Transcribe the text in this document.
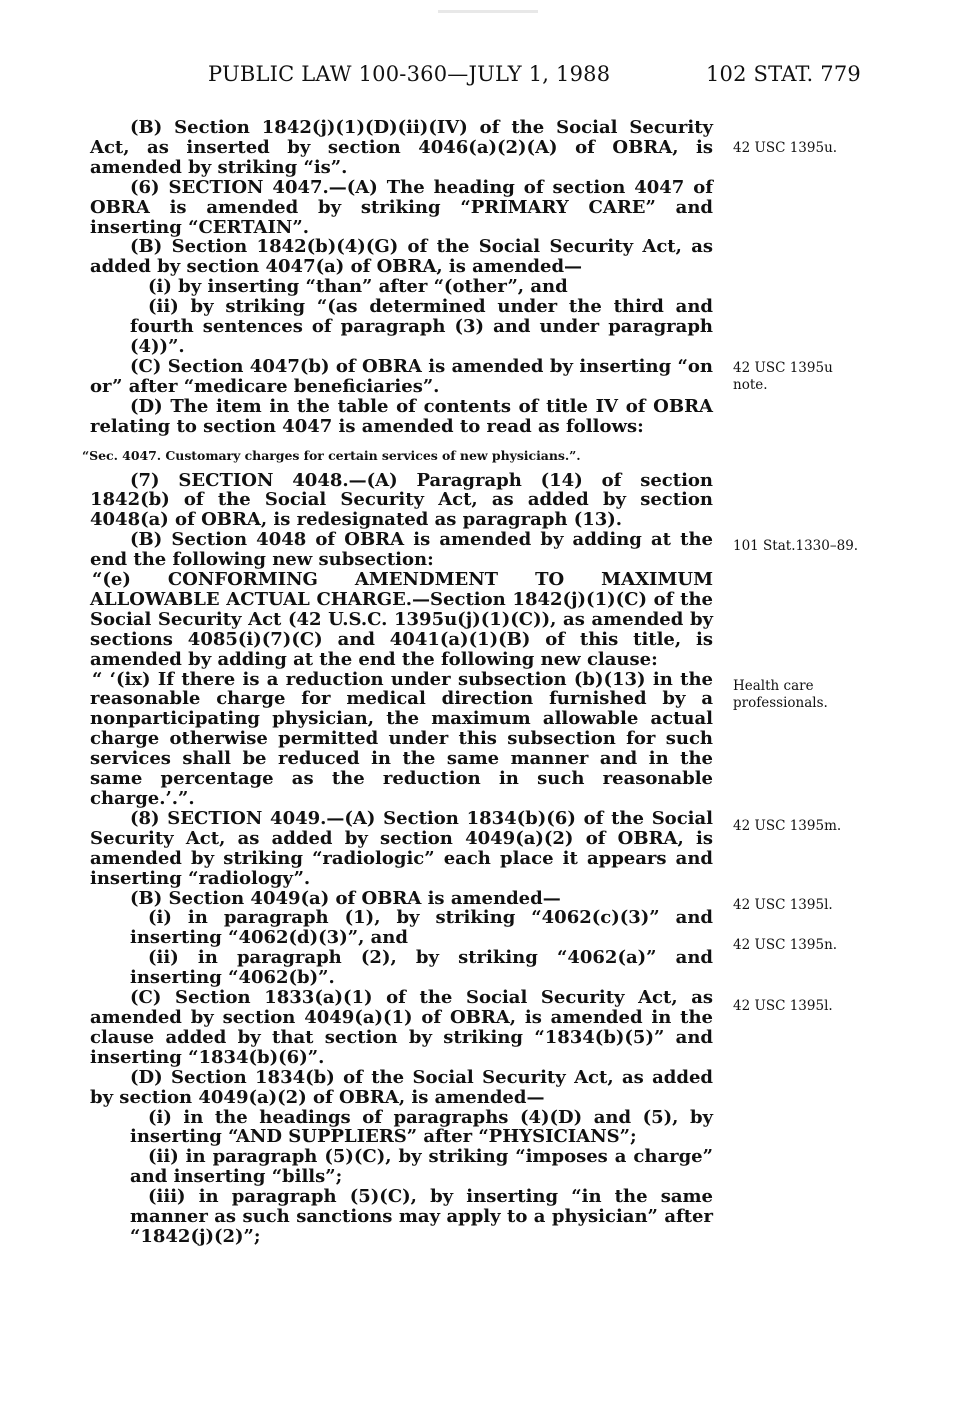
PUBLIC LAW 100-360—JULY 1, 1988	102 STAT. 779

(B) Section 1842(j)(1)(D)(ii)(IV) of the Social Security Act, as inserted by section 4046(a)(2)(A) of OBRA, is amended by striking “is”.

(6) SECTION 4047.—(A) The heading of section 4047 of OBRA is amended by striking “PRIMARY CARE” and inserting “CERTAIN”.

(B) Section 1842(b)(4)(G) of the Social Security Act, as added by section 4047(a) of OBRA, is amended—

(i) by inserting “than” after “(other”, and

(ii) by striking “(as determined under the third and fourth sentences of paragraph (3) and under paragraph (4))”.

(C) Section 4047(b) of OBRA is amended by inserting “on or” after “medicare beneficiaries”.

(D) The item in the table of contents of title IV of OBRA relating to section 4047 is amended to read as follows:

“Sec. 4047. Customary charges for certain services of new physicians.”.

(7) SECTION 4048.—(A) Paragraph (14) of section 1842(b) of the Social Security Act, as added by section 4048(a) of OBRA, is redesignated as paragraph (13).

(B) Section 4048 of OBRA is amended by adding at the end the following new subsection:

“(e) CONFORMING AMENDMENT TO MAXIMUM ALLOWABLE ACTUAL CHARGE.—Section 1842(j)(1)(C) of the Social Security Act (42 U.S.C. 1395u(j)(1)(C)), as amended by sections 4085(i)(7)(C) and 4041(a)(1)(B) of this title, is amended by adding at the end the following new clause:

“ ‘(ix) If there is a reduction under subsection (b)(13) in the reasonable charge for medical direction furnished by a nonparticipating physician, the maximum allowable actual charge otherwise permitted under this subsection for such services shall be reduced in the same manner and in the same percentage as the reduction in such reasonable charge.’.”.

(8) SECTION 4049.—(A) Section 1834(b)(6) of the Social Security Act, as added by section 4049(a)(2) of OBRA, is amended by striking “radiologic” each place it appears and inserting “radiology”.

(B) Section 4049(a) of OBRA is amended—

(i) in paragraph (1), by striking “4062(c)(3)” and inserting “4062(d)(3)”, and

(ii) in paragraph (2), by striking “4062(a)” and inserting “4062(b)”.

(C) Section 1833(a)(1) of the Social Security Act, as amended by section 4049(a)(1) of OBRA, is amended in the clause added by that section by striking “1834(b)(5)” and inserting “1834(b)(6)”.

(D) Section 1834(b) of the Social Security Act, as added by section 4049(a)(2) of OBRA, is amended—

(i) in the headings of paragraphs (4)(D) and (5), by inserting “AND SUPPLIERS” after “PHYSICIANS”;

(ii) in paragraph (5)(C), by striking “imposes a charge” and inserting “bills”;

(iii) in paragraph (5)(C), by inserting “in the same manner as such sanctions may apply to a physician” after “1842(j)(2)”;

42 USC 1395u.
42 USC 1395u note.
101 Stat.1330–89.
Health care professionals.
42 USC 1395m.
42 USC 1395l.
42 USC 1395n.
42 USC 1395l.
